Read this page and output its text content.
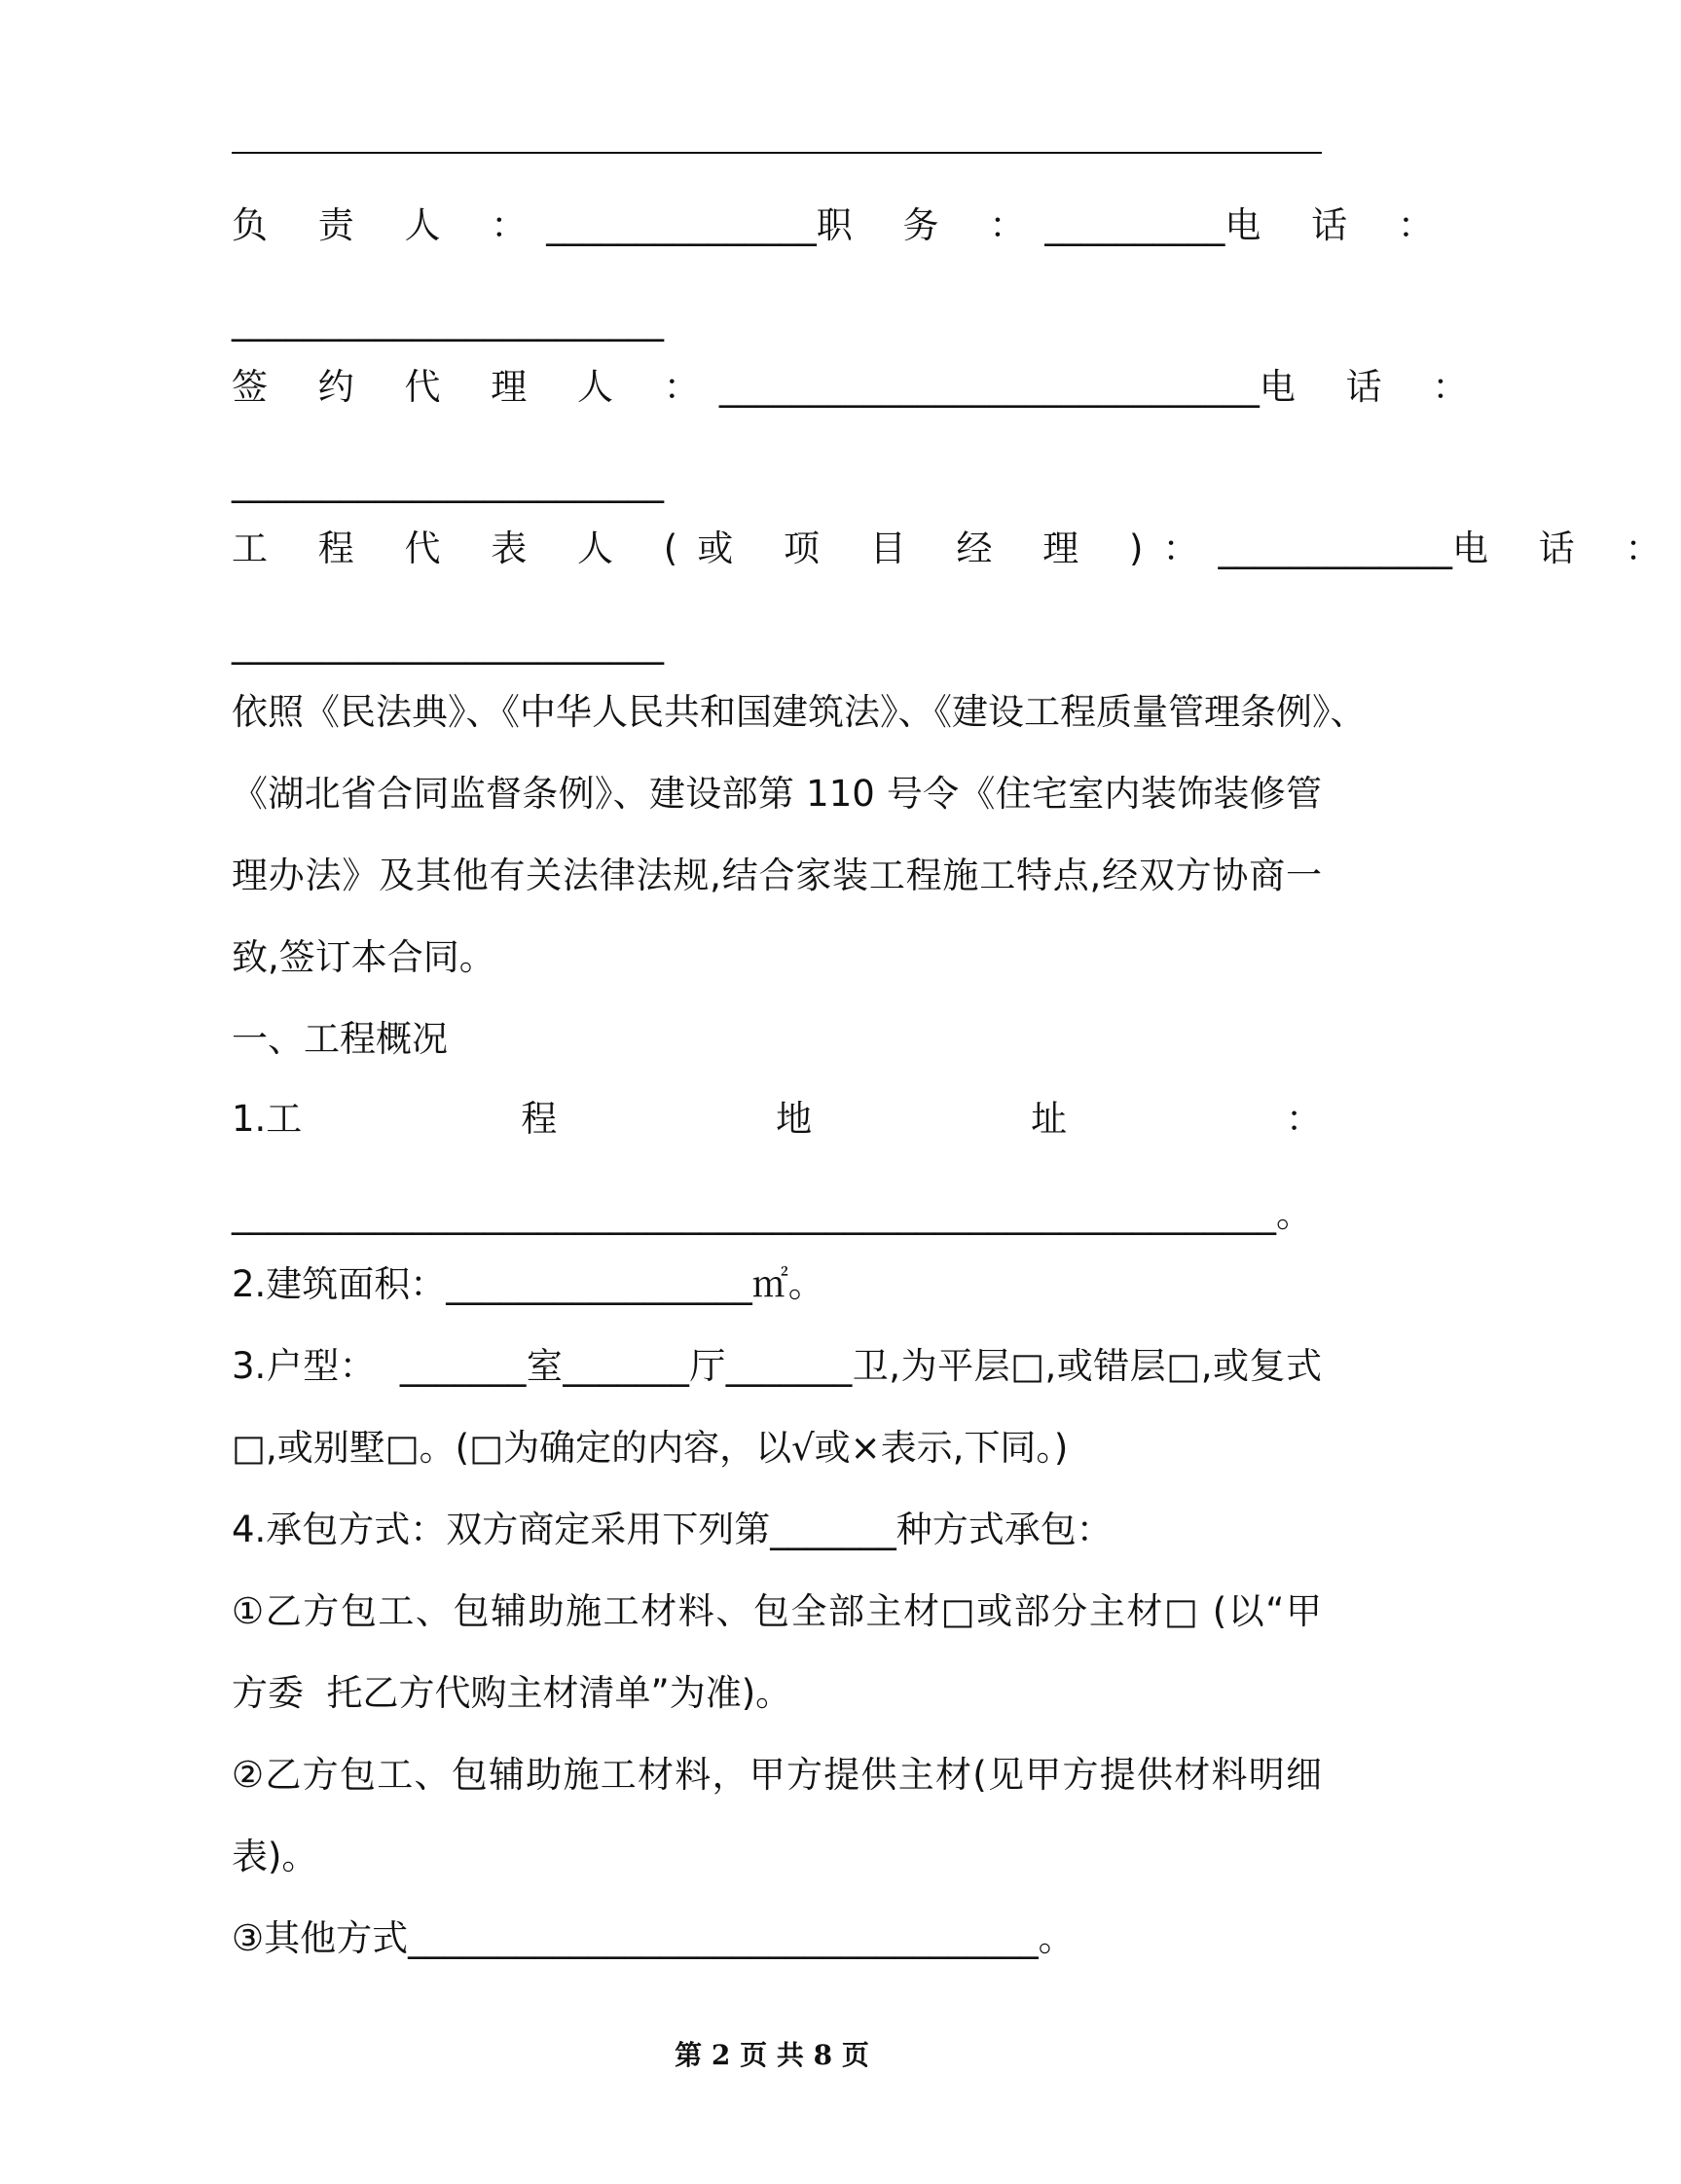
负 责 人 ： _______________ 职 务 ： __________ 电 话 ：
________________________
签 约 代 理 人 ： ______________________________ 电 话 ：
________________________
工 程 代 表 人 (或 项 目 经 理 )： _____________ 电 话 ：
________________________
依照《民法典》、《中华人民共和国建筑法》、《建设工程质量管理条例》、
《湖北省合同监督条例》、建设部第 110 号令《住宅室内装饰装修管
理办法》及其他有关法律法规,结合家装工程施工特点,经双方协商一
致,签订本合同。
一、工程概况
1.工	程	地	址	：
__________________________________________________________。
2.建筑面积：_________________㎡。
3.户型：  _______室_______厅_______卫,为平层□,或错层□,或复式
□,或别墅□。(□为确定的内容，以√或×表示,下同。)
4.承包方式：双方商定采用下列第_______种方式承包：
①乙方包工、包辅助施工材料、包全部主材□或部分主材□ (以“甲
方委  托乙方代购主材清单”为准)。
②乙方包工、包辅助施工材料，甲方提供主材(见甲方提供材料明细
表)。
③其他方式___________________________________。
第 2 页 共 8 页
